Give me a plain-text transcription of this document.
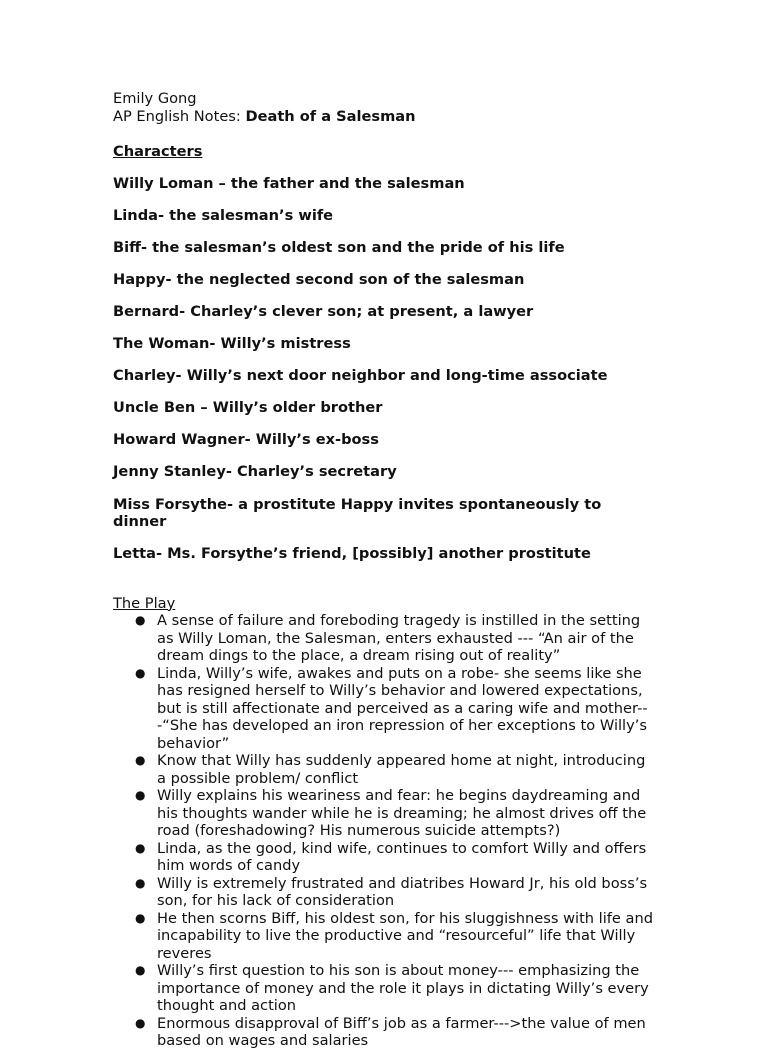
Emily Gong

AP English Notes: Death of a Salesman

Characters

Willy Loman – the father and the salesman

Linda- the salesman’s wife

Biff- the salesman’s oldest son and the pride of his life

Happy- the neglected second son of the salesman

Bernard- Charley’s clever son; at present, a lawyer

The Woman- Willy’s mistress

Charley- Willy’s next door neighbor and long-time associate

Uncle Ben – Willy’s older brother

Howard Wagner- Willy’s ex-boss

Jenny Stanley- Charley’s secretary

Miss Forsythe- a prostitute Happy invites spontaneously to dinner

Letta- Ms. Forsythe’s friend, [possibly] another prostitute

The Play

● A sense of failure and foreboding tragedy is instilled in the setting as Willy Loman, the Salesman, enters exhausted --- “An air of the dream dings to the place, a dream rising out of reality”
● Linda, Willy’s wife, awakes and puts on a robe- she seems like she has resigned herself to Willy’s behavior and lowered expectations, but is still affectionate and perceived as a caring wife and mother---“She has developed an iron repression of her exceptions to Willy’s behavior”
● Know that Willy has suddenly appeared home at night, introducing a possible problem/ conflict
● Willy explains his weariness and fear: he begins daydreaming and his thoughts wander while he is dreaming; he almost drives off the road (foreshadowing? His numerous suicide attempts?)
● Linda, as the good, kind wife, continues to comfort Willy and offers him words of candy
● Willy is extremely frustrated and diatribes Howard Jr, his old boss’s son, for his lack of consideration
● He then scorns Biff, his oldest son, for his sluggishness with life and incapability to live the productive and “resourceful” life that Willy reveres
● Willy’s first question to his son is about money--- emphasizing the importance of money and the role it plays in dictating Willy’s every thought and action
● Enormous disapproval of Biff’s job as a farmer--->the value of men based on wages and salaries
